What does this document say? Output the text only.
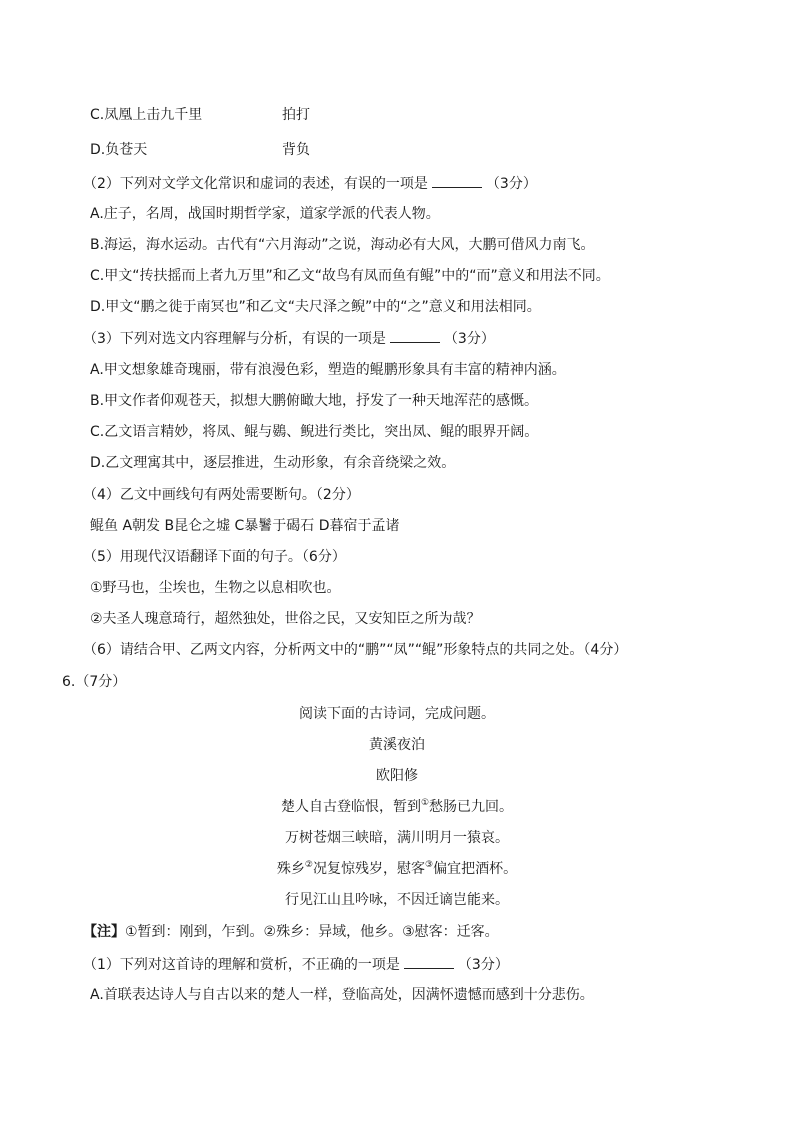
C.凤凰上击九千里	拍打
D.负苍天	背负
（2）下列对文学文化常识和虚词的表述，有误的一项是	（3分）
A.庄子，名周，战国时期哲学家，道家学派的代表人物。
B.海运，海水运动。古代有“六月海动”之说，海动必有大风，大鹏可借风力南飞。
C.甲文“抟扶摇而上者九万里”和乙文“故鸟有凤而鱼有鲲”中的“而”意义和用法不同。
D.甲文“鹏之徙于南冥也”和乙文“夫尺泽之鲵”中的“之”意义和用法相同。
（3）下列对选文内容理解与分析，有误的一项是	（3分）
A.甲文想象雄奇瑰丽，带有浪漫色彩，塑造的鲲鹏形象具有丰富的精神内涵。
B.甲文作者仰观苍天，拟想大鹏俯瞰大地，抒发了一种天地浑茫的感慨。
C.乙文语言精妙，将凤、鲲与鷃、鲵进行类比，突出凤、鲲的眼界开阔。
D.乙文理寓其中，逐层推进，生动形象，有余音绕梁之效。
（4）乙文中画线句有两处需要断句。（2分）
鲲鱼 A朝发 B昆仑之墟 C暴鬐于碣石 D暮宿于孟诸
（5）用现代汉语翻译下面的句子。（6分）
①野马也，尘埃也，生物之以息相吹也。
②夫圣人瑰意琦行，超然独处，世俗之民，又安知臣之所为哉？
（6）请结合甲、乙两文内容，分析两文中的“鹏”“凤”“鲲”形象特点的共同之处。（4分）
6.（7分）
阅读下面的古诗词，完成问题。
黄溪夜泊
欧阳修
楚人自古登临恨，暂到①愁肠已九回。
万树苍烟三峡暗，满川明月一猿哀。
殊乡②况复惊残岁，慰客③偏宜把酒杯。
行见江山且吟咏，不因迁谪岂能来。
【注】①暂到：刚到，乍到。②殊乡：异域，他乡。③慰客：迁客。
（1）下列对这首诗的理解和赏析，不正确的一项是	（3分）
A.首联表达诗人与自古以来的楚人一样，登临高处，因满怀遗憾而感到十分悲伤。
